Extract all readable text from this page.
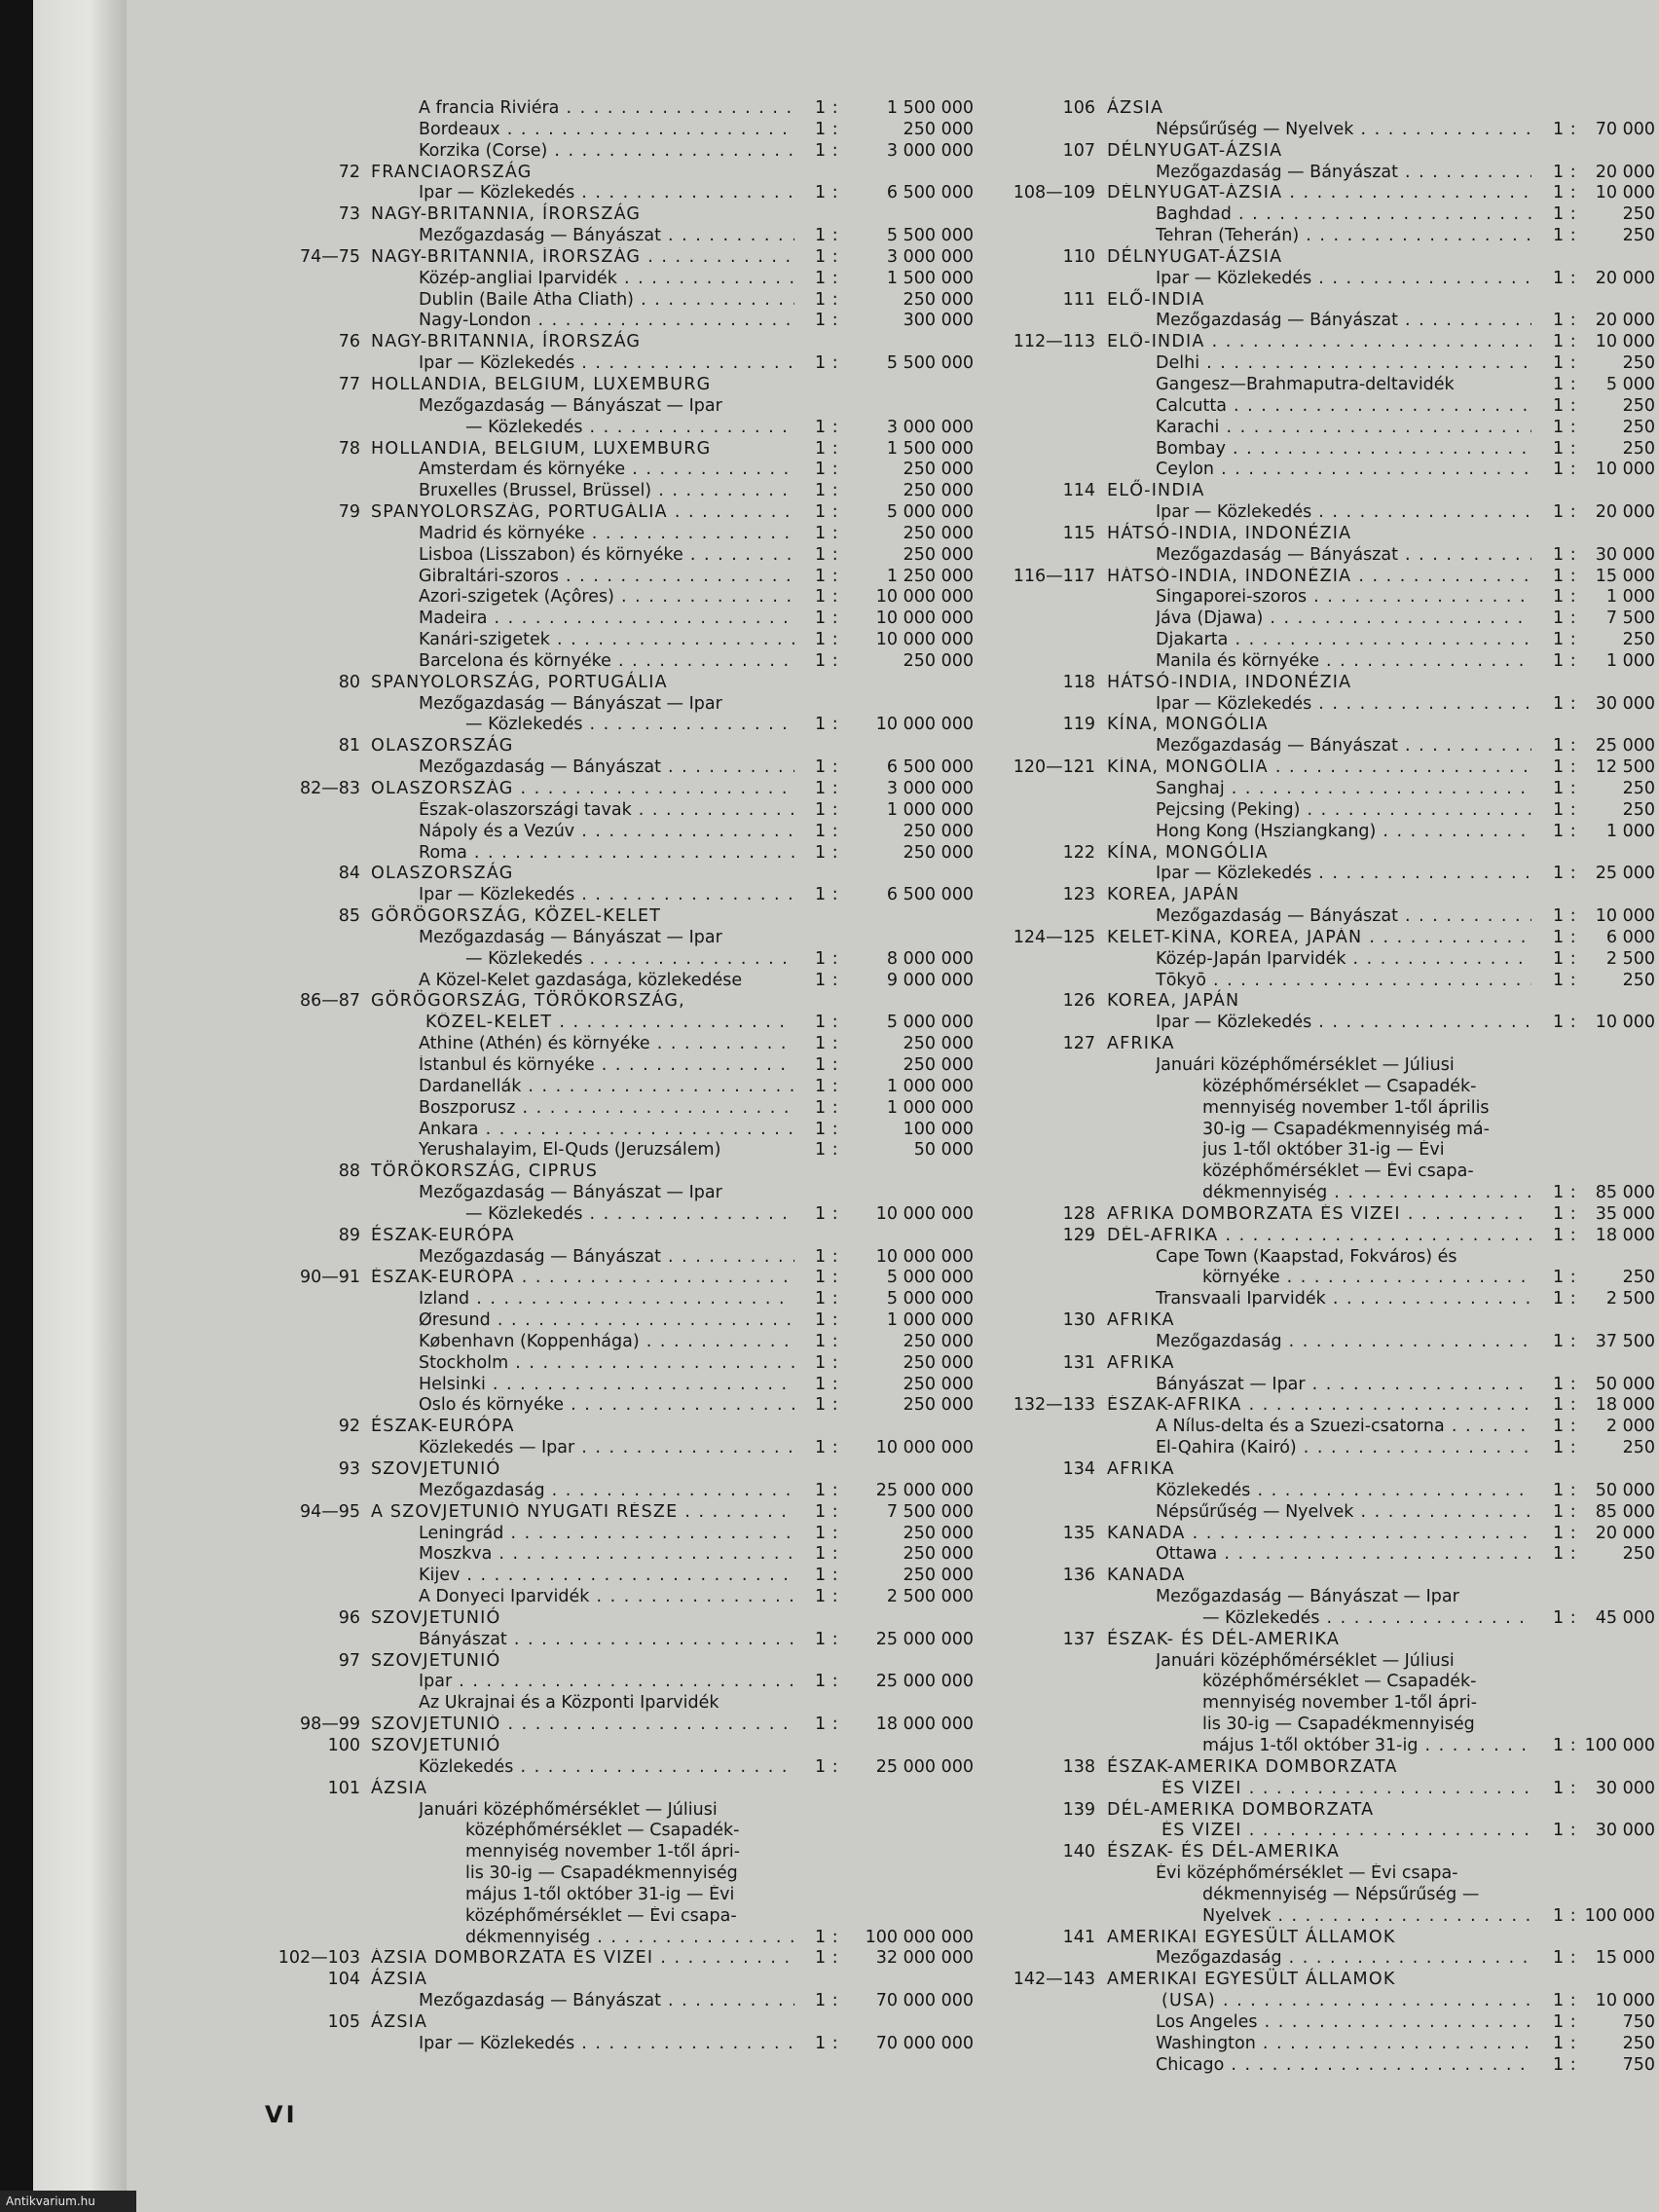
A francia Riviéra . . .	1 :	1 500 000
Bordeaux . . .	1 :	250 000
Korzika (Corse) . . .	1 :	3 000 000
72 FRANCIAORSZÁG
Ipar — Közlekedés . . .	1 :	6 500 000
73 NAGY-BRITANNIA, ÍRORSZÁG
Mezőgazdaság — Bányászat . . .	1 :	5 500 000
74—75 NAGY-BRITANNIA, ÍRORSZÁG . . .	1 :	3 000 000
Közép-angliai Iparvidék . . .	1 :	1 500 000
Dublin (Baile Átha Cliath) . . .	1 :	250 000
Nagy-London . . .	1 :	300 000
76 NAGY-BRITANNIA, ÍRORSZÁG
Ipar — Közlekedés . . .	1 :	5 500 000
77 HOLLANDIA, BELGIUM, LUXEMBURG
Mezőgazdaság — Bányászat — Ipar
— Közlekedés . . .	1 :	3 000 000
78 HOLLANDIA, BELGIUM, LUXEMBURG	1 :	1 500 000
Amsterdam és környéke . . .	1 :	250 000
Bruxelles (Brussel, Brüssel) . . .	1 :	250 000
79 SPANYOLORSZÁG, PORTUGÁLIA . . .	1 :	5 000 000
Madrid és környéke . . .	1 :	250 000
Lisboa (Lisszabon) és környéke . . .	1 :	250 000
Gibraltári-szoros . . .	1 :	1 250 000
Azori-szigetek (Açôres) . . .	1 : 10 000 000
Madeira . . .	1 : 10 000 000
Kanári-szigetek . . .	1 : 10 000 000
Barcelona és környéke . . .	1 :	250 000
80 SPANYOLORSZÁG, PORTUGÁLIA
Mezőgazdaság — Bányászat — Ipar
— Közlekedés . . .	1 : 10 000 000
81 OLASZORSZÁG
Mezőgazdaság — Bányászat . . .	1 :	6 500 000
82—83 OLASZORSZÁG . . .	1 :	3 000 000
Észak-olaszországi tavak . . .	1 :	1 000 000
Nápoly és a Vezúv . . .	1 :	250 000
Roma . . .	1 :	250 000
84 OLASZORSZÁG
Ipar — Közlekedés . . .	1 :	6 500 000
85 GÖRÖGORSZÁG, KÖZEL-KELET
Mezőgazdaság — Bányászat — Ipar
— Közlekedés . . .	1 :	8 000 000
A Közel-Kelet gazdasága, közlekedése	1 :	9 000 000
86—87 GÖRÖGORSZÁG, TÖRÖKORSZÁG,
KÖZEL-KELET . . .	1 :	5 000 000
Athine (Athén) és környéke . . .	1 :	250 000
İstanbul és környéke . . .	1 :	250 000
Dardanellák . . .	1 :	1 000 000
Boszporusz . . .	1 :	1 000 000
Ankara . . .	1 :	100 000
Yerushalayim, El-Quds (Jeruzsálem)	1 :	50 000
88 TÖRÖKORSZÁG, CIPRUS
Mezőgazdaság — Bányászat — Ipar
— Közlekedés . . .	1 : 10 000 000
89 ÉSZAK-EURÓPA
Mezőgazdaság — Bányászat . . .	1 : 10 000 000
90—91 ÉSZAK-EURÓPA . . .	1 :	5 000 000
Izland . . .	1 :	5 000 000
Øresund . . .	1 :	1 000 000
København (Koppenhága) . . .	1 :	250 000
Stockholm . . .	1 :	250 000
Helsinki . . .	1 :	250 000
Oslo és környéke . . .	1 :	250 000
92 ÉSZAK-EURÓPA
Közlekedés — Ipar . . .	1 : 10 000 000
93 SZOVJETUNIÓ
Mezőgazdaság . . .	1 : 25 000 000
94—95 A SZOVJETUNIÓ NYUGATI RÉSZE . . .	1 :	7 500 000
Leningrád . . .	1 :	250 000
Moszkva . . .	1 :	250 000
Kijev . . .	1 :	250 000
A Donyeci Iparvidék . . .	1 :	2 500 000
96 SZOVJETUNIÓ
Bányászat . . .	1 : 25 000 000
97 SZOVJETUNIÓ
Ipar . . .	1 : 25 000 000
Az Ukrajnai és a Központi Iparvidék
98—99 SZOVJETUNIÓ . . .	1 : 18 000 000
100 SZOVJETUNIÓ
Közlekedés . . .	1 : 25 000 000
101 ÁZSIA
Januári középhőmérséklet — Júliusi
középhőmérséklet — Csapadék-
mennyiség november 1-től ápri-
lis 30-ig — Csapadékmennyiség
május 1-től október 31-ig — Évi
középhőmérséklet — Évi csapa-
dékmennyiség . . .	1 : 100 000 000
102—103 ÁZSIA DOMBORZATA ÉS VIZEI . . .	1 : 32 000 000
104 ÁZSIA
Mezőgazdaság — Bányászat . . .	1 : 70 000 000
105 ÁZSIA
Ipar — Közlekedés . . .	1 : 70 000 000
106 ÁZSIA
Népsűrűség — Nyelvek . . .	1 : 70 000
107 DÉLNYUGAT-ÁZSIA
Mezőgazdaság — Bányászat . . .	1 : 20 000
108—109 DÉLNYUGAT-ÁZSIA . . .	1 : 10 000
Baghdad . . .	1 :	250
Tehran (Teherán) . . .	1 :	250
110 DÉLNYUGAT-ÁZSIA
Ipar — Közlekedés . . .	1 : 20 000
111 ELŐ-INDIA
Mezőgazdaság — Bányászat . . .	1 : 20 000
112—113 ELŐ-INDIA . . .	1 : 10 000
Delhi . . .	1 :	250
Gangesz—Brahmaputra-deltavidék	1 : 5 000
Calcutta . . .	1 :	250
Karachi . . .	1 :	250
Bombay . . .	1 :	250
Ceylon . . .	1 : 10 000
114 ELŐ-INDIA
Ipar — Közlekedés . . .	1 : 20 000
115 HÁTSÓ-INDIA, INDONÉZIA
Mezőgazdaság — Bányászat . . .	1 : 30 000
116—117 HÁTSÓ-INDIA, INDONÉZIA . . .	1 : 15 000
Singaporei-szoros . . .	1 : 1 000
Jáva (Djawa) . . .	1 : 7 500
Djakarta . . .	1 :	250
Manila és környéke . . .	1 : 1 000
118 HÁTSÓ-INDIA, INDONÉZIA
Ipar — Közlekedés . . .	1 : 30 000
119 KÍNA, MONGÓLIA
Mezőgazdaság — Bányászat . . .	1 : 25 000
120—121 KÍNA, MONGÓLIA . . .	1 : 12 500
Sanghaj . . .	1 :	250
Pejcsing (Peking) . . .	1 :	250
Hong Kong (Hsziangkang) . . .	1 : 1 000
122 KÍNA, MONGÓLIA
Ipar — Közlekedés . . .	1 : 25 000
123 KOREA, JAPÁN
Mezőgazdaság — Bányászat . . .	1 : 10 000
124—125 KELET-KÍNA, KOREA, JAPÁN . . .	1 : 6 000
Közép-Japán Iparvidék . . .	1 : 2 500
Tōkyō . . .	1 :	250
126 KOREA, JAPÁN
Ipar — Közlekedés . . .	1 : 10 000
127 AFRIKA
Januári középhőmérséklet — Júliusi
középhőmérséklet — Csapadék-
mennyiség november 1-től április
30-ig — Csapadékmennyiség má-
jus 1-től október 31-ig — Évi
középhőmérséklet — Évi csapa-
dékmennyiség . . .	1 : 85 000
128 AFRIKA DOMBORZATA ÉS VIZEI . . .	1 : 35 000
129 DÉL-AFRIKA . . .	1 : 18 000
Cape Town (Kaapstad, Fokváros) és
környéke . . .	1 :	250
Transvaali Iparvidék . . .	1 : 2 500
130 AFRIKA
Mezőgazdaság . . .	1 : 37 500
131 AFRIKA
Bányászat — Ipar . . .	1 : 50 000
132—133 ÉSZAK-AFRIKA . . .	1 : 18 000
A Nílus-delta és a Szuezi-csatorna . . .	1 : 2 000
El-Qahira (Kairó) . . .	1 :	250
134 AFRIKA
Közlekedés . . .	1 : 50 000
Népsűrűség — Nyelvek . . .	1 : 85 000
135 KANADA . . .	1 : 20 000
Ottawa . . .	1 :	250
136 KANADA
Mezőgazdaság — Bányászat — Ipar
— Közlekedés . . .	1 : 45 000
137 ÉSZAK- ÉS DÉL-AMERIKA
Januári középhőmérséklet — Júliusi
középhőmérséklet — Csapadék-
mennyiség november 1-től ápri-
lis 30-ig — Csapadékmennyiség
május 1-től október 31-ig . . .	1 : 100 000
138 ÉSZAK-AMERIKA DOMBORZATA
ÉS VIZEI . . .	1 : 30 000
139 DÉL-AMERIKA DOMBORZATA
ÉS VIZEI . . .	1 : 30 000
140 ÉSZAK- ÉS DÉL-AMERIKA
Évi középhőmérséklet — Évi csapa-
dékmennyiség — Népsűrűség —
Nyelvek . . .	1 : 100 000
141 AMERIKAI EGYESÜLT ÁLLAMOK
Mezőgazdaság . . .	1 : 15 000
142—143 AMERIKAI EGYESÜLT ÁLLAMOK
(USA) . . .	1 : 10 000
Los Angeles . . .	1 :	750
Washington . . .	1 :	250
Chicago . . .	1 :	750
VI
Antikvarium.hu
